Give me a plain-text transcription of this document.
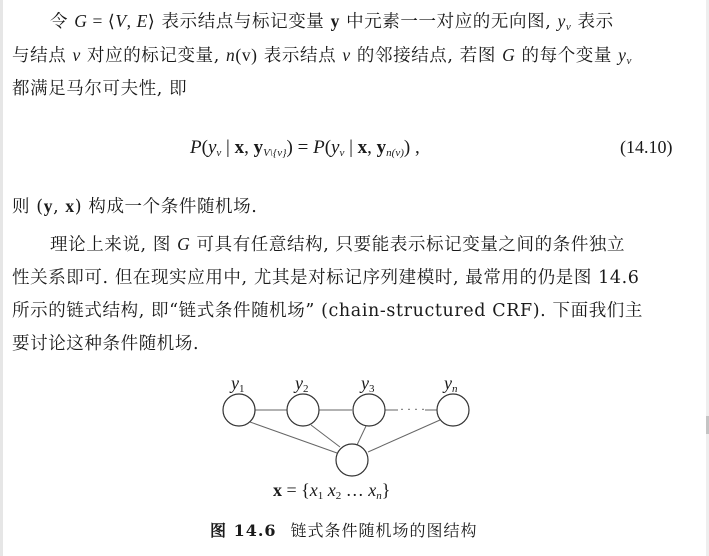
令 G = ⟨V, E⟩ 表示结点与标记变量 y 中元素一一对应的无向图, $y_v$ 表示
与结点 v 对应的标记变量, n(v) 表示结点 v 的邻接结点, 若图 G 的每个变量 $y_v$
都满足马尔可夫性, 即
$P(y_v$ | x, $y_{V\backslash\{v\}}) = P(y_v$ | x, $y_{n(v)}$) ,	(14.10)
则 (y, x) 构成一个条件随机场.
理论上来说, 图 G 可具有任意结构, 只要能表示标记变量之间的条件独立
性关系即可. 但在现实应用中, 尤其是对标记序列建模时, 最常用的仍是图 14.6
所示的链式结构, 即“链式条件随机场” (chain-structured CRF). 下面我们主
要讨论这种条件随机场.
· · · ·
y1	y2	y3	yn
x = {x1 x2 … xn}
图 14.6 链式条件随机场的图结构
